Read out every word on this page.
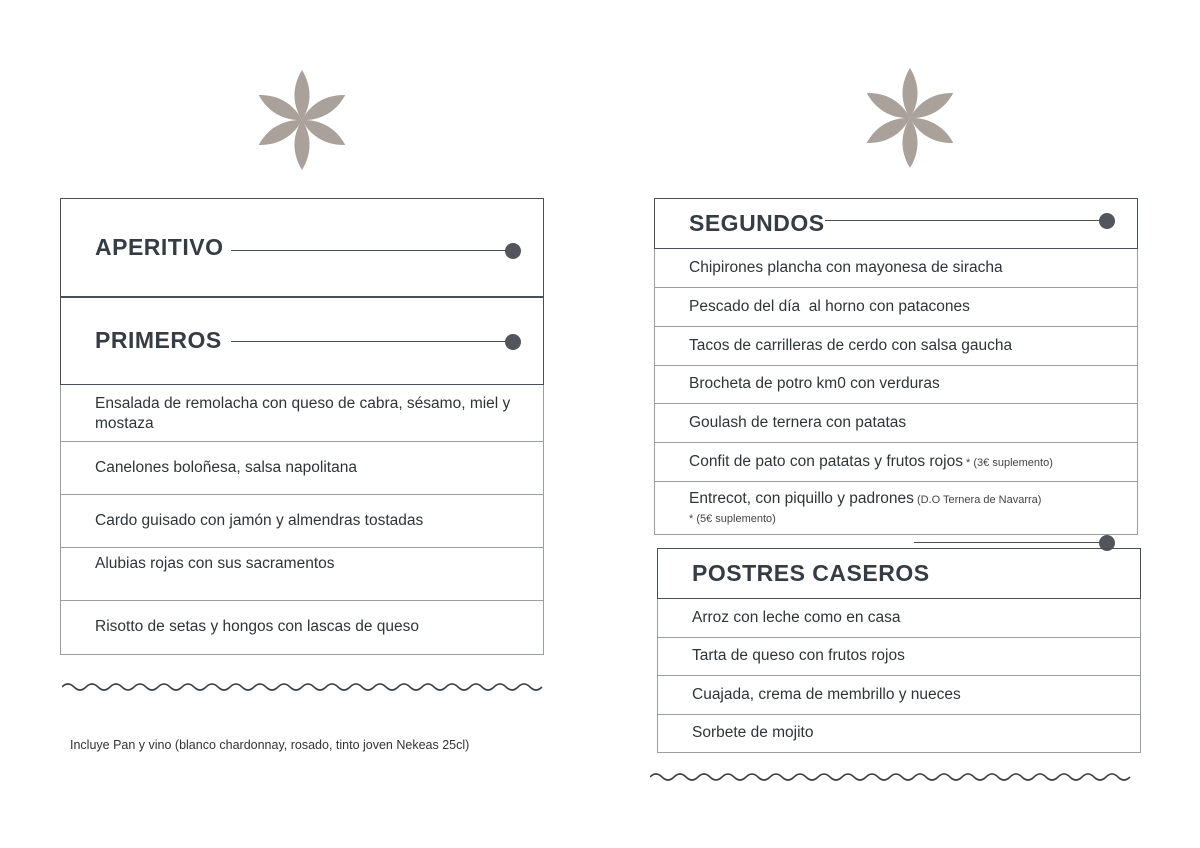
APERITIVO
PRIMEROS
Ensalada de remolacha con queso de cabra, sésamo, miel y mostaza
Canelones boloñesa, salsa napolitana
Cardo guisado con jamón y almendras tostadas
Alubias rojas con sus sacramentos
Risotto de setas y hongos con lascas de queso
Incluye Pan y vino (blanco chardonnay, rosado, tinto joven Nekeas 25cl)
SEGUNDOS
Chipirones plancha con mayonesa de siracha
Pescado del día  al horno con patacones
Tacos de carrilleras de cerdo con salsa gaucha
Brocheta de potro km0 con verduras
Goulash de ternera con patatas
Confit de pato con patatas y frutos rojos * (3€ suplemento)
Entrecot, con piquillo y padrones (D.O Ternera de Navarra)
* (5€ suplemento)
POSTRES CASEROS
Arroz con leche como en casa
Tarta de queso con frutos rojos
Cuajada, crema de membrillo y nueces
Sorbete de mojito
